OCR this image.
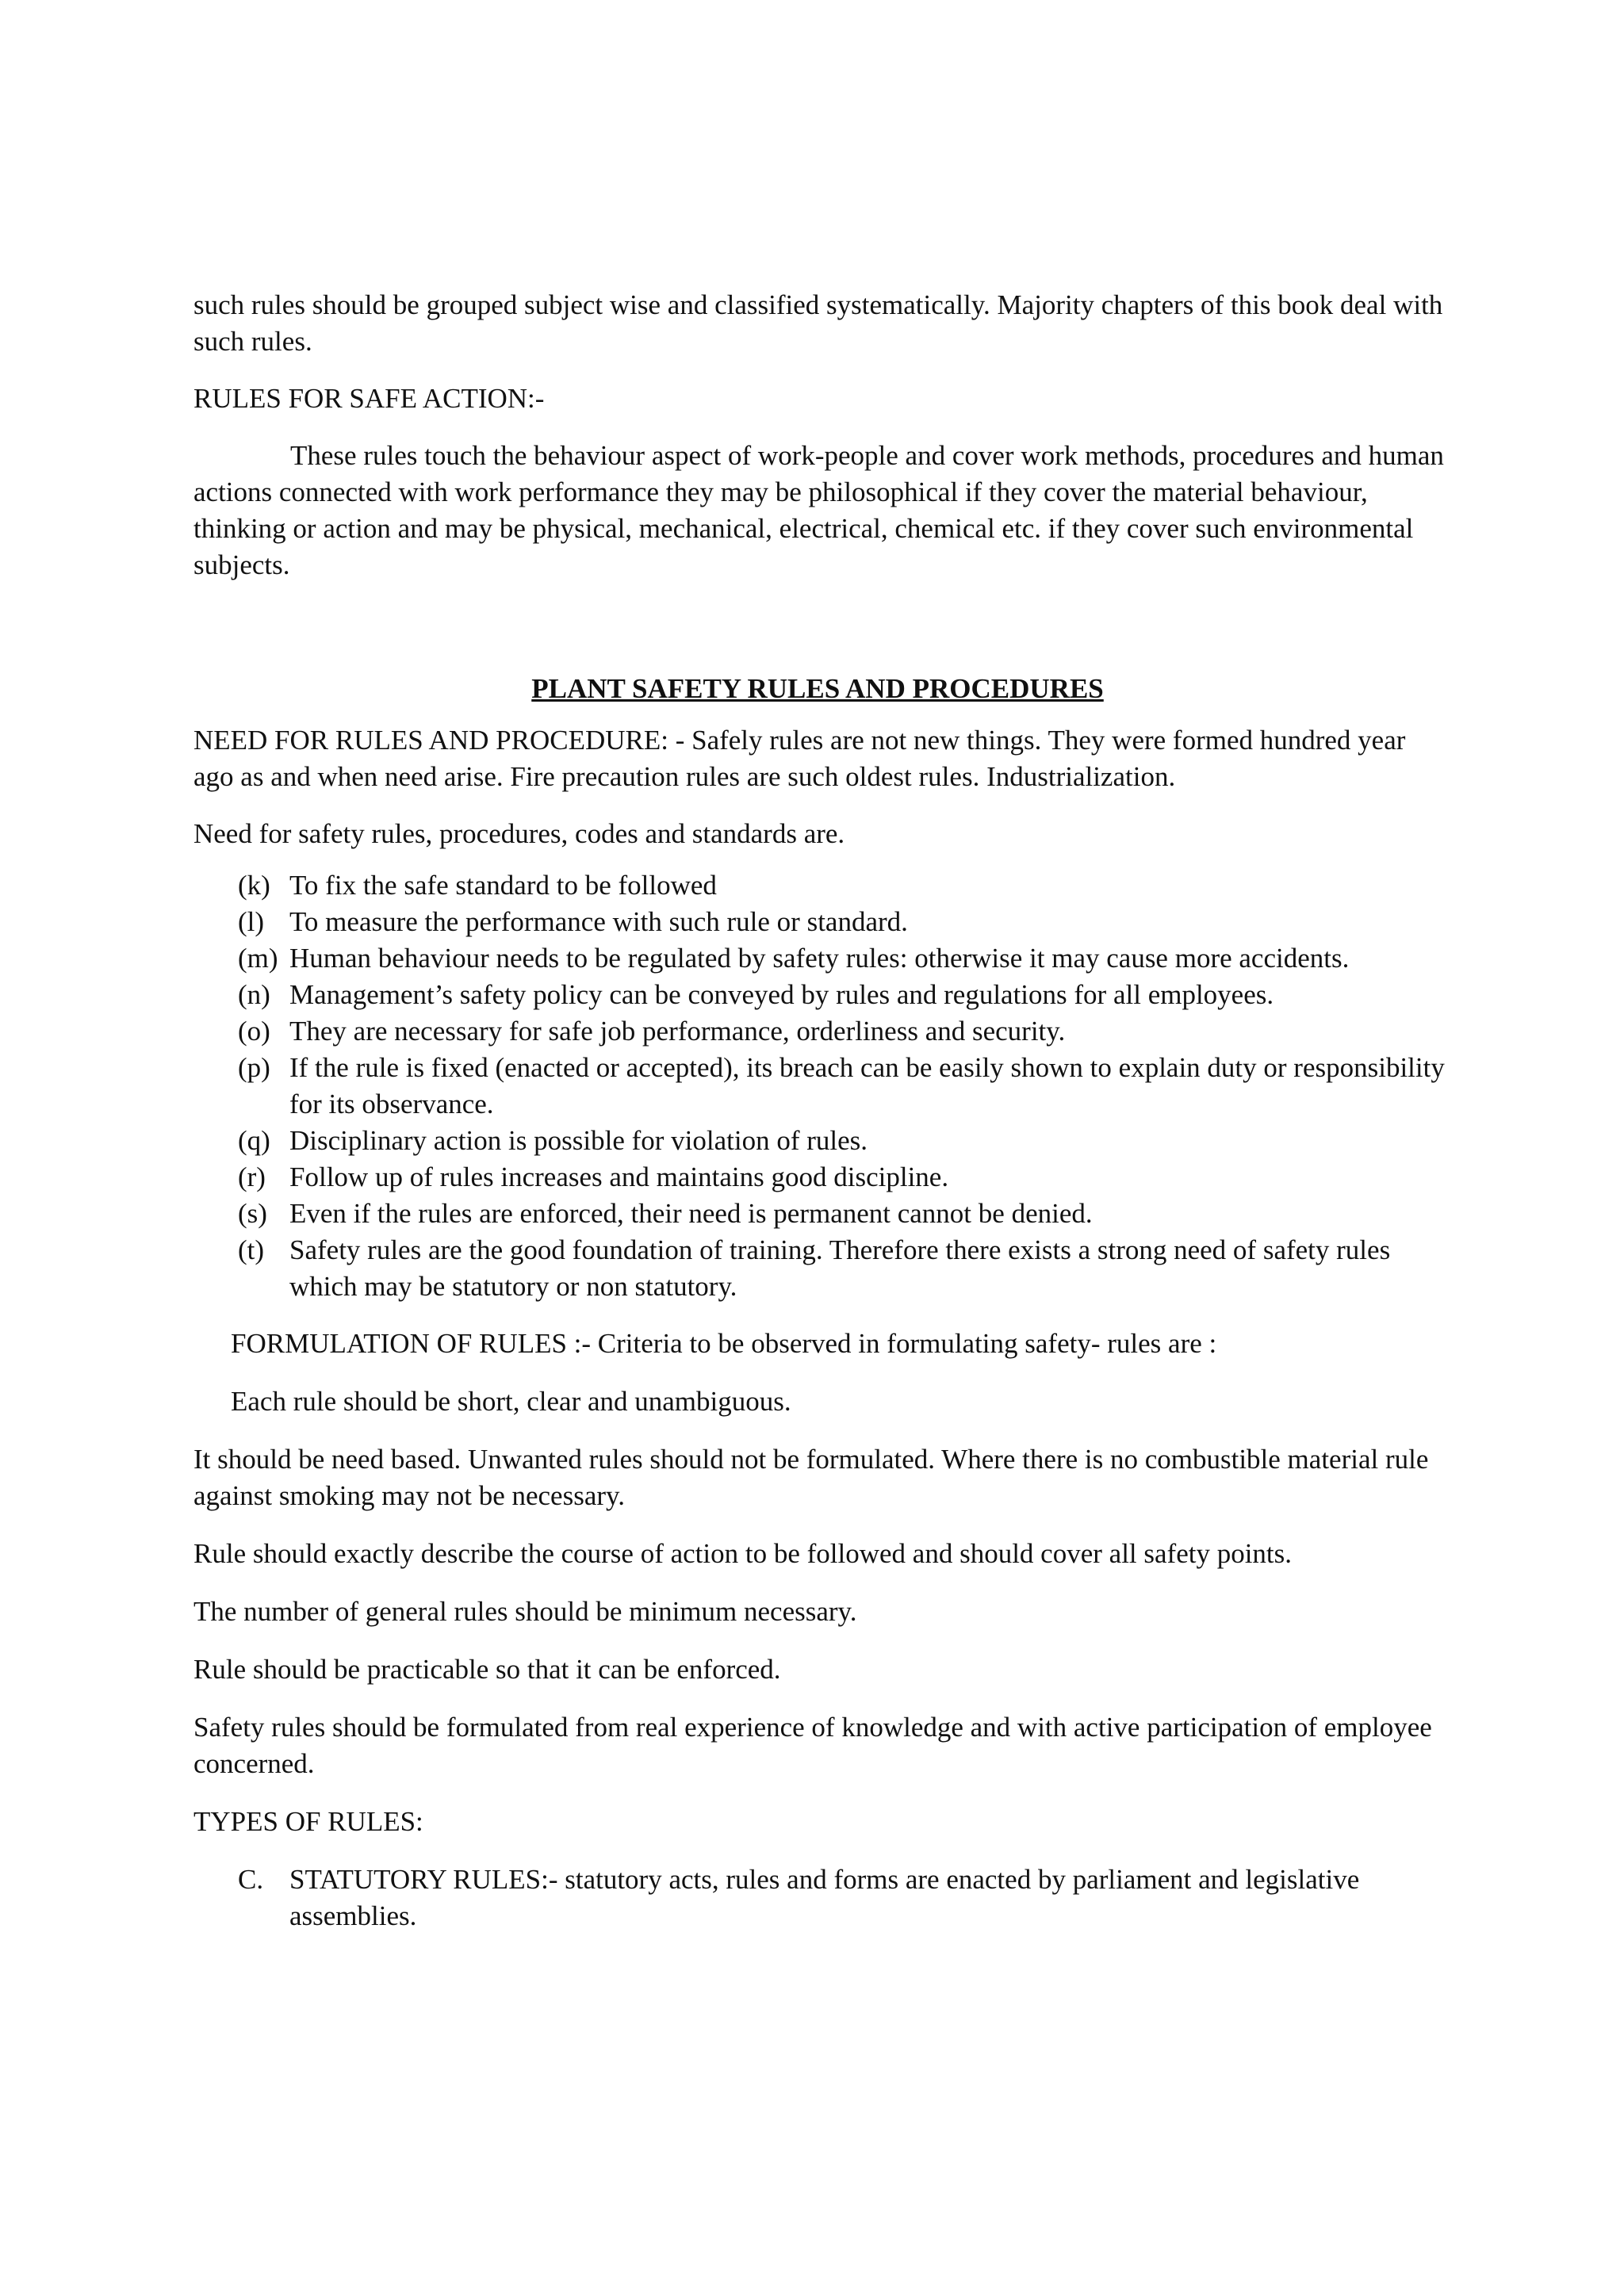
such rules should be grouped subject wise and classified systematically. Majority chapters of this book deal with such rules.

RULES FOR SAFE ACTION:-

These rules touch the behaviour aspect of work-people and cover work methods, procedures and human actions connected with work performance they may be philosophical if they cover the material behaviour, thinking or action and may be physical, mechanical, electrical, chemical etc. if they cover such environmental subjects.

PLANT SAFETY RULES AND PROCEDURES

NEED FOR RULES AND PROCEDURE: - Safely rules are not new things. They were formed hundred year ago as and when need arise. Fire precaution rules are such oldest rules. Industrialization.

Need for safety rules, procedures, codes and standards are.

(k) To fix the safe standard to be followed
(l) To measure the performance with such rule or standard.
(m) Human behaviour needs to be regulated by safety rules: otherwise it may cause more accidents.
(n) Management’s safety policy can be conveyed by rules and regulations for all employees.
(o) They are necessary for safe job performance, orderliness and security.
(p) If the rule is fixed (enacted or accepted), its breach can be easily shown to explain duty or responsibility for its observance.
(q) Disciplinary action is possible for violation of rules.
(r) Follow up of rules increases and maintains good discipline.
(s) Even if the rules are enforced, their need is permanent cannot be denied.
(t) Safety rules are the good foundation of training. Therefore there exists a strong need of safety rules which may be statutory or non statutory.

FORMULATION OF RULES :- Criteria to be observed in formulating safety- rules are :

Each rule should be short, clear and unambiguous.

It should be need based. Unwanted rules should not be formulated. Where there is no combustible material rule against smoking may not be necessary.

Rule should exactly describe the course of action to be followed and should cover all safety points.

The number of general rules should be minimum necessary.

Rule should be practicable so that it can be enforced.

Safety rules should be formulated from real experience of knowledge and with active participation of employee concerned.

TYPES OF RULES:

C. STATUTORY RULES:- statutory acts, rules and forms are enacted by parliament and legislative assemblies.
